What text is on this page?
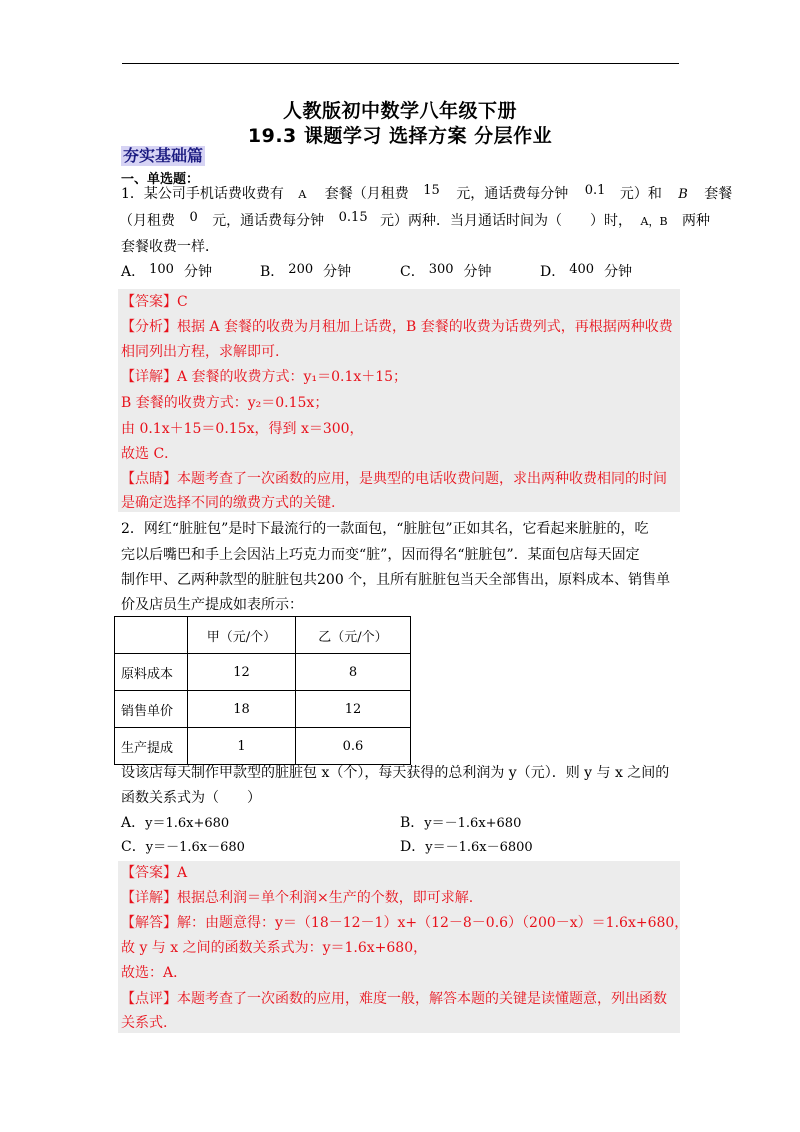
人教版初中数学八年级下册
19.3 课题学习 选择方案 分层作业
夯实基础篇
一、单选题：
1．某公司手机话费收费有 A 套餐（月租费 15 元，通话费每分钟 0.1 元）和 B 套餐
（月租费 0 元，通话费每分钟 0.15 元）两种．当月通话时间为（　　）时， A，B 两种
套餐收费一样．
A． 100 分钟	B． 200 分钟	C． 300 分钟	D． 400 分钟
【答案】C
【分析】根据 A 套餐的收费为月租加上话费，B 套餐的收费为话费列式，再根据两种收费
相同列出方程，求解即可.
【详解】A 套餐的收费方式：y₁＝0.1x＋15；
B 套餐的收费方式：y₂＝0.15x；
由 0.1x＋15＝0.15x，得到 x＝300，
故选 C．
【点睛】本题考查了一次函数的应用，是典型的电话收费问题，求出两种收费相同的时间
是确定选择不同的缴费方式的关键.
2．网红“脏脏包”是时下最流行的一款面包，“脏脏包”正如其名，它看起来脏脏的，吃
完以后嘴巴和手上会因沾上巧克力而变“脏”，因而得名“脏脏包”．某面包店每天固定
制作甲、乙两种款型的脏脏包共200 个，且所有脏脏包当天全部售出，原料成本、销售单
价及店员生产提成如表所示：
	甲（元/个）	乙（元/个）
原料成本	12	8
销售单价	18	12
生产提成	1	0.6
设该店每天制作甲款型的脏脏包 x（个），每天获得的总利润为 y（元）．则 y 与 x 之间的
函数关系式为（　　）
A．y＝1.6x+680	B．y＝－1.6x+680
C．y＝－1.6x－680	D．y＝－1.6x－6800
【答案】A
【详解】根据总利润＝单个利润×生产的个数，即可求解.
【解答】解：由题意得：y＝（18－12－1）x+（12－8－0.6）（200－x）＝1.6x+680，
故 y 与 x 之间的函数关系式为：y＝1.6x+680，
故选：A．
【点评】本题考查了一次函数的应用，难度一般，解答本题的关键是读懂题意，列出函数
关系式.
